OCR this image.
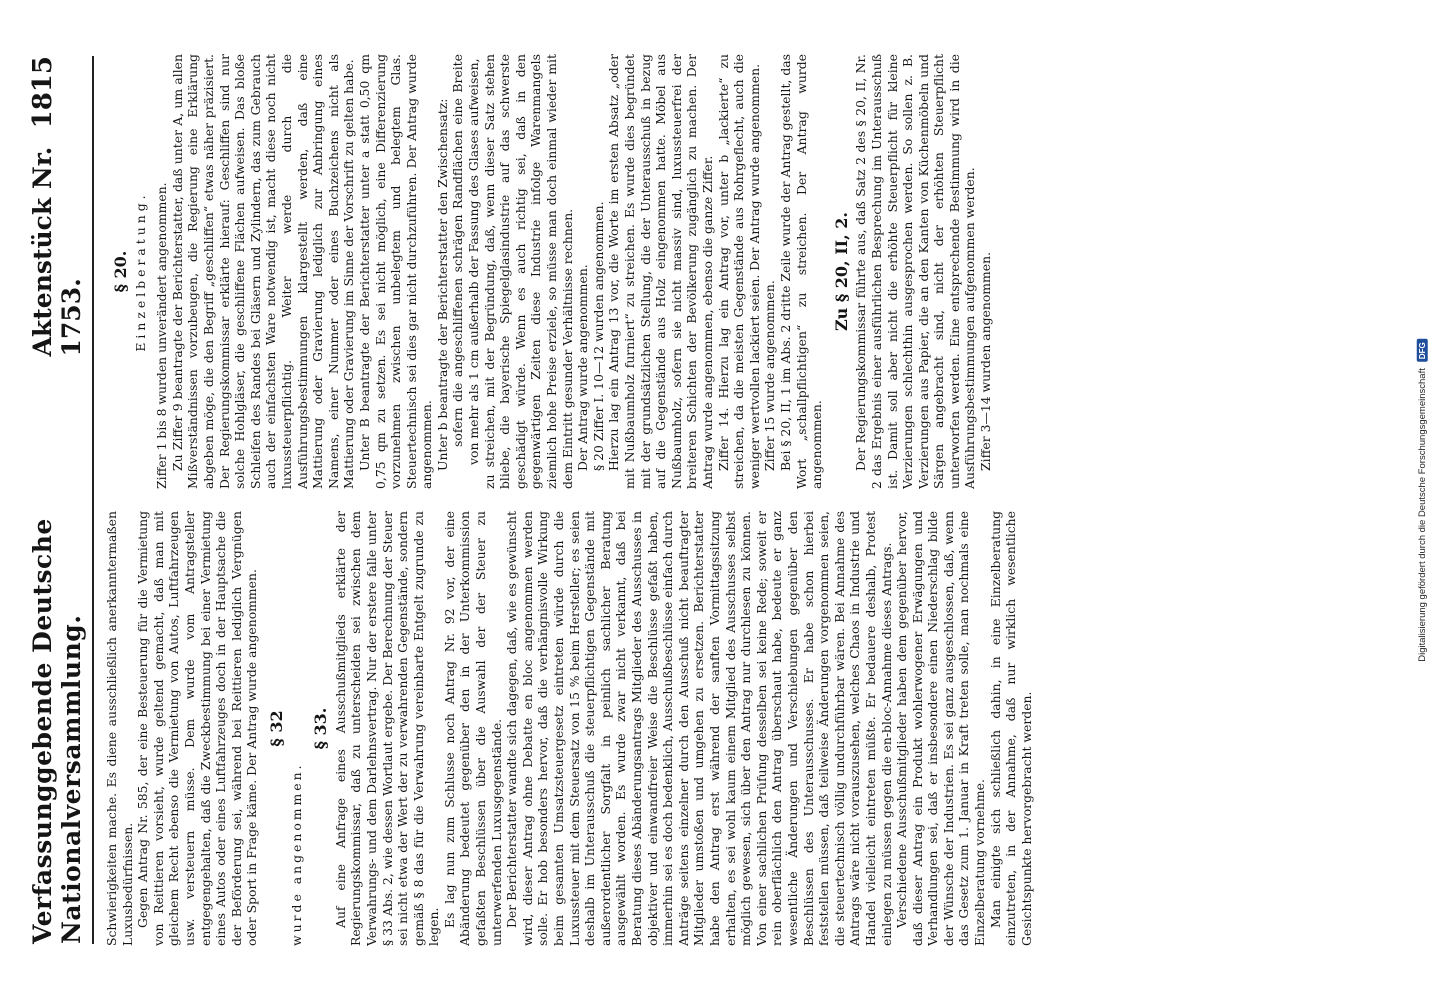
Verfassunggebende Deutsche Nationalversammlung.
Aktenstück Nr. 1753.
1815

Schwierigkeiten mache. Es diene ausschließlich anerkanntermaßen Luxusbedürfnissen. Gegen Antrag Nr. 585, der eine Besteuerung für die Vermietung von Reittieren vorsieht, wurde geltend gemacht, daß man mit gleichem Recht ebenso die Vermietung von Autos, Luftfahrzeugen usw. versteuern müsse. Dem wurde vom Antragsteller entgegengehalten, daß die Zweckbestimmung bei einer Vermietung eines Autos oder eines Luftfahrzeuges doch in der Hauptsache die der Beförderung sei, während bei Reittieren lediglich Vergnügen oder Sport in Frage käme. Der Antrag wurde angenommen. § 32

wurde angenommen.

§ 33. Auf eine Anfrage eines Ausschußmitglieds erklärte der Regierungskommissar, daß zu unterscheiden sei zwischen dem Verwahrungs- und dem Darlehnsvertrag. Nur der erstere falle unter § 33 Abs. 2, wie dessen Wortlaut ergebe. Der Berechnung der Steuer sei nicht etwa der Wert der zu verwahrenden Gegenstände, sondern gemäß § 8 das für die Verwahrung vereinbarte Entgelt zugrunde zu legen. Es lag nun zum Schlusse noch Antrag Nr. 92 vor, der eine Abänderung bedeutet gegenüber den in der Unterkommission gefaßten Beschlüssen über die Auswahl der der Steuer zu unterwerfenden Luxusgegenstände. Der Berichterstatter wandte sich dagegen, daß, wie es gewünscht wird, dieser Antrag ohne Debatte en bloc angenommen werden solle. Er hob besonders hervor, daß die verhängnisvolle Wirkung beim gesamten Umsatzsteuergesetz eintreten würde durch die Luxussteuer mit dem Steuersatz von 15 % beim Hersteller; es seien deshalb im Unterausschuß die steuerpflichtigen Gegenstände mit außerordentlicher Sorgfalt in peinlich sachlicher Beratung ausgewählt worden. Es wurde zwar nicht verkannt, daß bei Beratung dieses Abänderungsantrags Mitglieder des Ausschusses in objektiver und einwandfreier Weise die Beschlüsse gefaßt haben, immerhin sei es doch bedenklich, Ausschußbeschlüsse einfach durch Anträge seitens einzelner durch den Ausschuß nicht beauftragter Mitglieder umstoßen und umgehen zu ersetzen. Berichterstatter habe den Antrag erst während der sanften Vormittagssitzung erhalten, es sei wohl kaum einem Mitglied des Ausschusses selbst möglich gewesen, sich über den Antrag nur durchlesen zu können. Von einer sachlichen Prüfung desselben sei keine Rede; soweit er rein oberflächlich den Antrag überschaut habe, bedeute er ganz wesentliche Änderungen und Verschiebungen gegenüber den Beschlüssen des Unterausschusses. Er habe schon hierbei feststellen müssen, daß teilweise Änderungen vorgenommen seien, die steuertechnisch völlig undurchführbar wären. Bei Annahme des Antrags wäre nicht vorauszusehen, welches Chaos in Industrie und Handel vielleicht eintreten müßte. Er bedauere deshalb, Protest einlegen zu müssen gegen die en-bloc-Annahme dieses Antrags. Verschiedene Ausschußmitglieder haben dem gegenüber hervor, daß dieser Antrag ein Produkt wohlerwogener Erwägungen und Verhandlungen sei, daß er insbesondere einen Niederschlag bilde der Wünsche der Industrien. Es sei ganz ausgeschlossen, daß, wenn das Gesetz zum 1. Januar in Kraft treten solle, man nochmals eine Einzelberatung vornehme. Man einigte sich schließlich dahin, in eine Einzelberatung einzutreten, in der Annahme, daß nur wirklich wesentliche Gesichtspunkte hervorgebracht werden.

§ 20. Einzelberatung. Ziffer 1 bis 8 wurden unverändert angenommen. Zu Ziffer 9 beantragte der Berichterstatter, daß unter A, um allen Mißverständnissen vorzubeugen, die Regierung eine Erklärung abgeben möge, die den Begriff „geschliffen“ etwas näher präzisiert. Der Regierungskommissar erklärte hierauf: Geschliffen sind nur solche Hohlgläser, die geschliffene Flächen aufweisen. Das bloße Schleifen des Randes bei Gläsern und Zylindern, das zum Gebrauch auch der einfachsten Ware notwendig ist, macht diese noch nicht luxussteuerpflichtig. Weiter werde durch die Ausführungsbestimmungen klargestellt werden, daß eine Mattierung oder Gravierung lediglich zur Anbringung eines Namens, einer Nummer oder eines Buchzeichens nicht als Mattierung oder Gravierung im Sinne der Vorschrift zu gelten habe. Unter B beantragte der Berichterstatter unter a statt 0,50 qm 0,75 qm zu setzen. Es sei nicht möglich, eine Differenzierung vorzunehmen zwischen unbelegtem und belegtem Glas. Steuertechnisch sei dies gar nicht durchzuführen. Der Antrag wurde angenommen. Unter b beantragte der Berichterstatter den Zwischensatz: sofern die angeschliffenen schrägen Randflächen eine Breite von mehr als 1 cm außerhalb der Fassung des Glases aufweisen, zu streichen, mit der Begründung, daß, wenn dieser Satz stehen bliebe, die bayerische Spiegelglasindustrie auf das schwerste geschädigt würde. Wenn es auch richtig sei, daß in den gegenwärtigen Zeiten diese Industrie infolge Warenmangels ziemlich hohe Preise erziele, so müsse man doch einmal wieder mit dem Eintritt gesunder Verhältnisse rechnen. Der Antrag wurde angenommen. § 20 Ziffer I. 10—12 wurden angenommen. Hierzu lag ein Antrag 13 vor, die Worte im ersten Absatz „oder mit Nußbaumholz furniert“ zu streichen. Es wurde dies begründet mit der grundsätzlichen Stellung, die der Unterausschuß in bezug auf die Gegenstände aus Holz eingenommen hatte. Möbel aus Nußbaumholz, sofern sie nicht massiv sind, luxussteuerfrei der breiteren Schichten der Bevölkerung zugänglich zu machen. Der Antrag wurde angenommen, ebenso die ganze Ziffer. Ziffer 14. Hierzu lag ein Antrag vor, unter b „lackierte“ zu streichen, da die meisten Gegenstände aus Rohrgeflecht, auch die weniger wertvollen lackiert seien. Der Antrag wurde angenommen. Ziffer 15 wurde angenommen. Bei § 20, II, 1 im Abs. 2 dritte Zeile wurde der Antrag gestellt, das Wort „schallpflichtigen“ zu streichen. Der Antrag wurde angenommen.

Zu § 20, II, 2. Der Regierungskommissar führte aus, daß Satz 2 des § 20, II, Nr. 2 das Ergebnis einer ausführlichen Besprechung im Unterausschuß ist. Damit soll aber nicht die erhöhte Steuerpflicht für kleine Verzierungen schlechthin ausgesprochen werden. So sollen z. B. Verzierungen aus Papier, die an den Kanten von Küchenmöbeln und Särgen angebracht sind, nicht der erhöhten Steuerpflicht unterworfen werden. Eine entsprechende Bestimmung wird in die Ausführungsbestimmungen aufgenommen werden. Ziffer 3—14 wurden angenommen.

Digitalisierung gefördert durch die Deutsche Forschungsgemeinschaft
DFG
